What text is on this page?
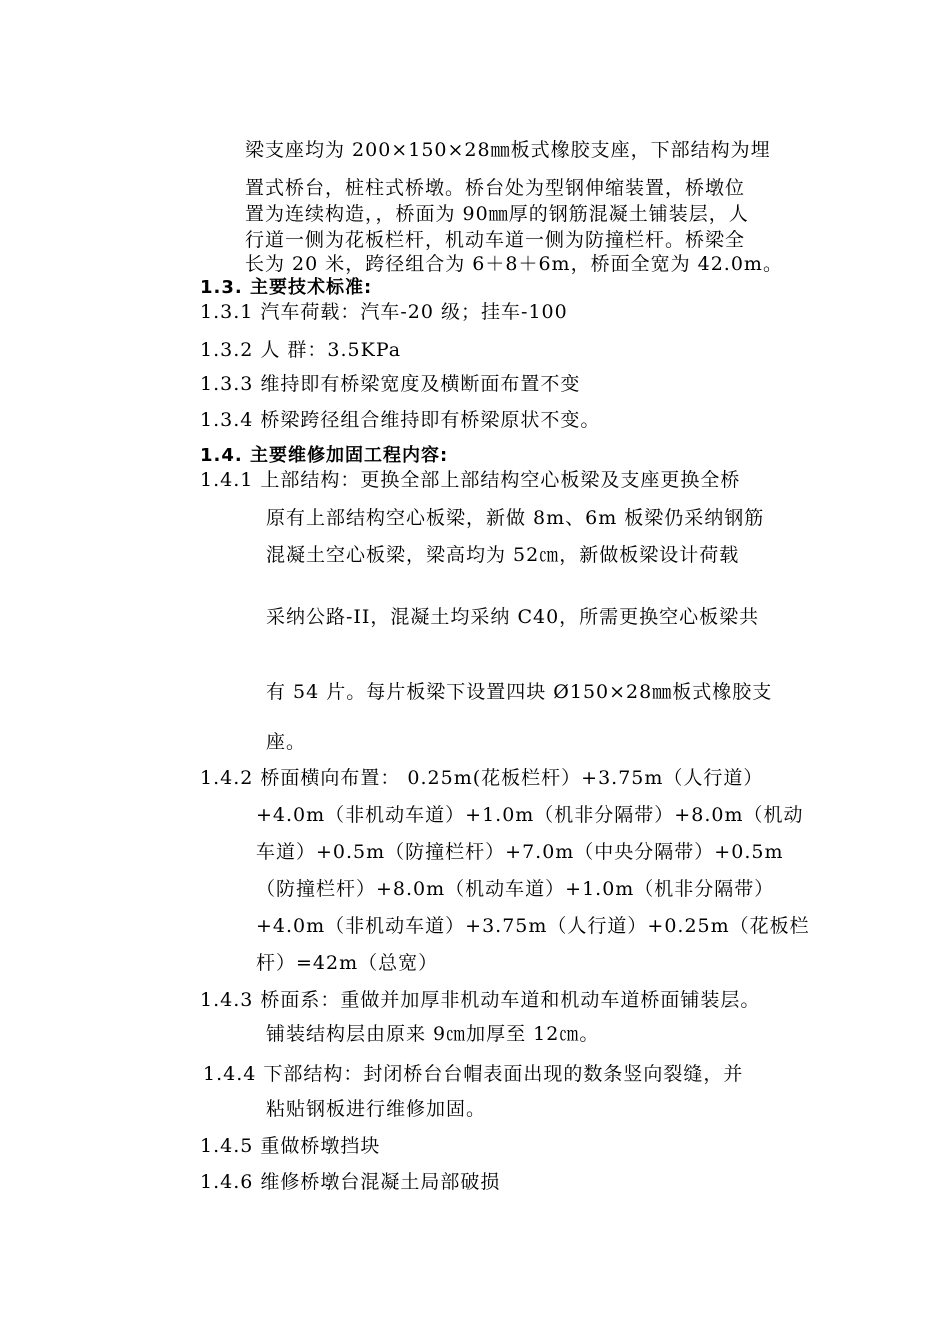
梁支座均为 200×150×28㎜板式橡胶支座，下部结构为埋
置式桥台，桩柱式桥墩。桥台处为型钢伸缩装置，桥墩位
置为连续构造，，桥面为 90㎜厚的钢筋混凝土铺装层，人
行道一侧为花板栏杆，机动车道一侧为防撞栏杆。桥梁全
长为 20 米，跨径组合为 6＋8＋6m，桥面全宽为 42.0m。
1.3. 主要技术标准:
1.3.1 汽车荷载：汽车-20 级；挂车-100
1.3.2 人 群：3.5KPa
1.3.3 维持即有桥梁宽度及横断面布置不变
1.3.4 桥梁跨径组合维持即有桥梁原状不变。
1.4. 主要维修加固工程内容:
1.4.1 上部结构：更换全部上部结构空心板梁及支座更换全桥
原有上部结构空心板梁，新做 8m、6m 板梁仍采纳钢筋
混凝土空心板梁，梁高均为 52㎝，新做板梁设计荷载
采纳公路-II，混凝土均采纳 C40，所需更换空心板梁共
有 54 片。每片板梁下设置四块 Ø150×28㎜板式橡胶支
座。
1.4.2 桥面横向布置： 0.25m(花板栏杆）+3.75m（人行道）
+4.0m（非机动车道）+1.0m（机非分隔带）+8.0m（机动
车道）+0.5m（防撞栏杆）+7.0m（中央分隔带）+0.5m
（防撞栏杆）+8.0m（机动车道）+1.0m（机非分隔带）
+4.0m（非机动车道）+3.75m（人行道）+0.25m（花板栏
杆）=42m（总宽）
1.4.3 桥面系：重做并加厚非机动车道和机动车道桥面铺装层。
铺装结构层由原来 9㎝加厚至 12㎝。
1.4.4 下部结构：封闭桥台台帽表面出现的数条竖向裂缝，并
粘贴钢板进行维修加固。
1.4.5 重做桥墩挡块
1.4.6 维修桥墩台混凝土局部破损
